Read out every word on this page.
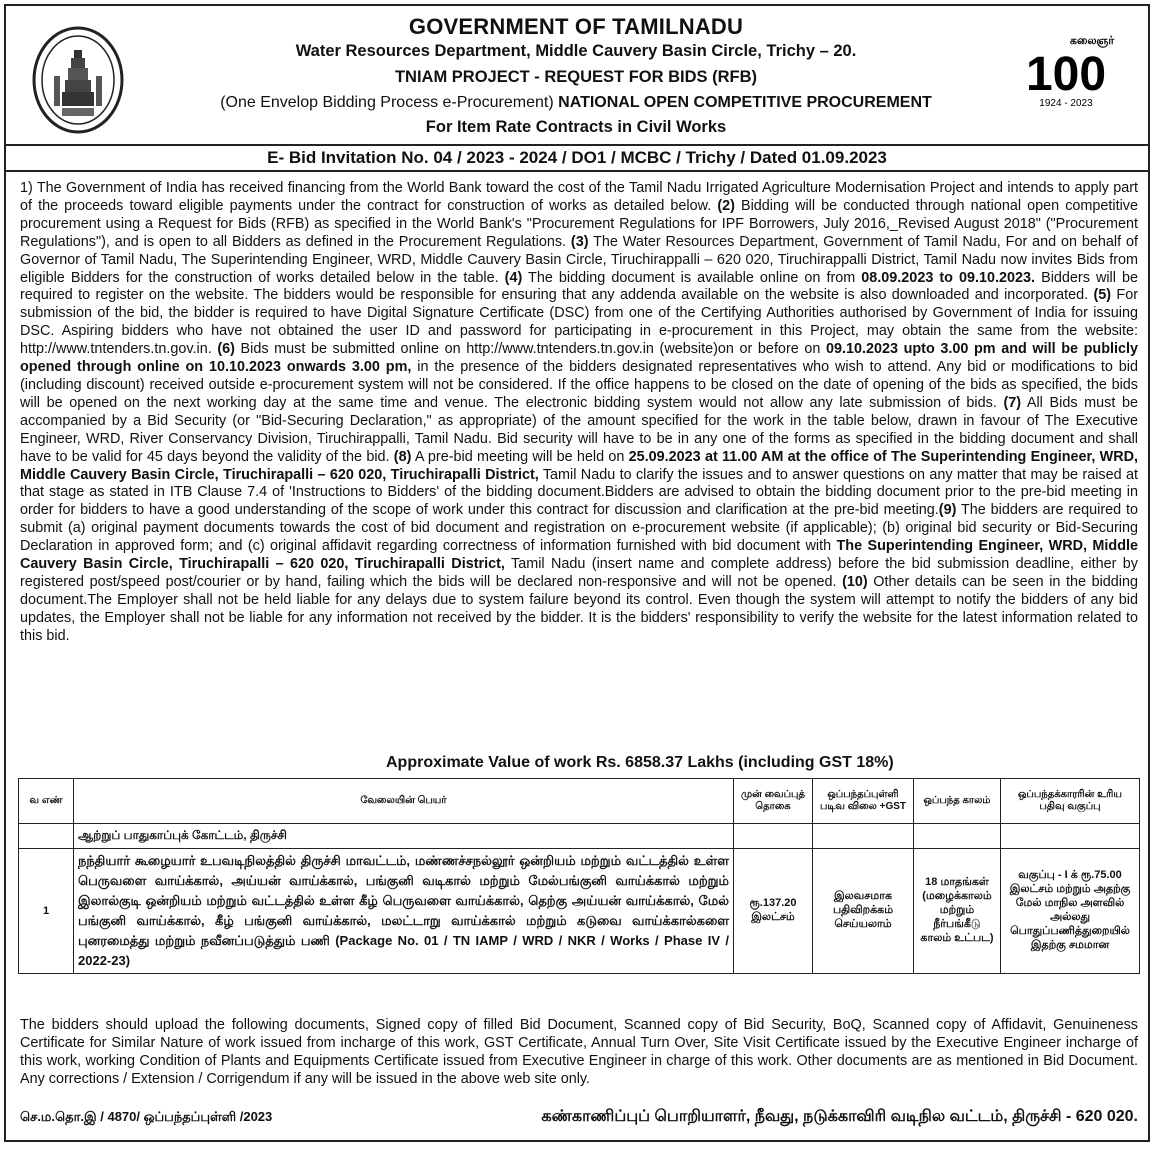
GOVERNMENT OF TAMILNADU
Water Resources Department, Middle Cauvery Basin Circle, Trichy – 20.
TNIAM PROJECT - REQUEST FOR BIDS (RFB)
(One Envelop Bidding Process e-Procurement) NATIONAL OPEN COMPETITIVE PROCUREMENT
For Item Rate Contracts in Civil Works
கலைஞர்
100
1924 - 2023
E- Bid Invitation No. 04 / 2023 - 2024 / DO1 / MCBC / Trichy / Dated 01.09.2023
1) The Government of India has received financing from the World Bank toward the cost of the Tamil Nadu Irrigated Agriculture Modernisation Project and intends to apply part of the proceeds toward eligible payments under the contract for construction of works as detailed below. (2) Bidding will be conducted through national open competitive procurement using a Request for Bids (RFB) as specified in the World Bank's "Procurement Regulations for IPF Borrowers, July 2016,_Revised August 2018" ("Procurement Regulations"), and is open to all Bidders as defined in the Procurement Regulations. (3) The Water Resources Department, Government of Tamil Nadu, For and on behalf of Governor of Tamil Nadu, The Superintending Engineer, WRD, Middle Cauvery Basin Circle, Tiruchirappalli – 620 020, Tiruchirappalli District, Tamil Nadu now invites Bids from eligible Bidders for the construction of works detailed below in the table. (4) The bidding document is available online on from 08.09.2023 to 09.10.2023. Bidders will be required to register on the website. The bidders would be responsible for ensuring that any addenda available on the website is also downloaded and incorporated. (5) For submission of the bid, the bidder is required to have Digital Signature Certificate (DSC) from one of the Certifying Authorities authorised by Government of India for issuing DSC. Aspiring bidders who have not obtained the user ID and password for participating in e-procurement in this Project, may obtain the same from the website: http://www.tntenders.tn.gov.in. (6) Bids must be submitted online on http://www.tntenders.tn.gov.in (website)on or before on 09.10.2023 upto 3.00 pm and will be publicly opened through online on 10.10.2023 onwards 3.00 pm, in the presence of the bidders designated representatives who wish to attend. Any bid or modifications to bid (including discount) received outside e-procurement system will not be considered. If the office happens to be closed on the date of opening of the bids as specified, the bids will be opened on the next working day at the same time and venue. The electronic bidding system would not allow any late submission of bids. (7) All Bids must be accompanied by a Bid Security (or "Bid-Securing Declaration," as appropriate) of the amount specified for the work in the table below, drawn in favour of The Executive Engineer, WRD, River Conservancy Division, Tiruchirappalli, Tamil Nadu. Bid security will have to be in any one of the forms as specified in the bidding document and shall have to be valid for 45 days beyond the validity of the bid. (8) A pre-bid meeting will be held on 25.09.2023 at 11.00 AM at the office of The Superintending Engineer, WRD, Middle Cauvery Basin Circle, Tiruchirapalli – 620 020, Tiruchirapalli District, Tamil Nadu to clarify the issues and to answer questions on any matter that may be raised at that stage as stated in ITB Clause 7.4 of 'Instructions to Bidders' of the bidding document.Bidders are advised to obtain the bidding document prior to the pre-bid meeting in order for bidders to have a good understanding of the scope of work under this contract for discussion and clarification at the pre-bid meeting.(9) The bidders are required to submit (a) original payment documents towards the cost of bid document and registration on e-procurement website (if applicable); (b) original bid security or Bid-Securing Declaration in approved form; and (c) original affidavit regarding correctness of information furnished with bid document with The Superintending Engineer, WRD, Middle Cauvery Basin Circle, Tiruchirapalli – 620 020, Tiruchirapalli District, Tamil Nadu (insert name and complete address) before the bid submission deadline, either by registered post/speed post/courier or by hand, failing which the bids will be declared non-responsive and will not be opened. (10) Other details can be seen in the bidding document.The Employer shall not be held liable for any delays due to system failure beyond its control. Even though the system will attempt to notify the bidders of any bid updates, the Employer shall not be liable for any information not received by the bidder. It is the bidders' responsibility to verify the website for the latest information related to this bid.
Approximate Value of work Rs. 6858.37 Lakhs (including GST 18%)
வ எண்	வேலையின் பெயர்	முன் வைப்புத் தொகை	ஒப்பந்தப்புள்ளி படிவ விலை +GST	ஒப்பந்த காலம்	ஒப்பந்தக்காரரின் உரிய பதிவு வகுப்பு
	ஆற்றுப் பாதுகாப்புக் கோட்டம், திருச்சி				
1	நந்தியார் கூழையார் உபவடிநிலத்தில் திருச்சி மாவட்டம், மண்ணச்சநல்லூர் ஒன்றியம் மற்றும் வட்டத்தில் உள்ள பெருவளை வாய்க்கால், அய்யன் வாய்க்கால், பங்குனி வடிகால் மற்றும் மேல்பங்குனி வாய்க்கால் மற்றும் இலால்குடி ஒன்றியம் மற்றும் வட்டத்தில் உள்ள கீழ் பெருவளை வாய்க்கால், தெற்கு அய்யன் வாய்க்கால், மேல் பங்குனி வாய்க்கால், கீழ் பங்குனி வாய்க்கால், மலட்டாறு வாய்க்கால் மற்றும் கடுவை வாய்க்கால்களை புனரமைத்து மற்றும் நவீனப்படுத்தும் பணி (Package No. 01 / TN IAMP / WRD / NKR / Works / Phase IV / 2022-23)	ரூ.137.20 இலட்சம்	இலவசமாக பதிவிறக்கம் செய்யலாம்	18 மாதங்கள் (மழைக்காலம் மற்றும் நீர்பங்கீடு காலம் உட்பட)	வகுப்பு - I க் ரூ.75.00 இலட்சம் மற்றும் அதற்கு மேல் மாநில அளவில் அல்லது பொதுப்பணித்துறையில் இதற்கு சமமான
The bidders should upload the following documents, Signed copy of filled Bid Document, Scanned copy of Bid Security, BoQ, Scanned copy of Affidavit, Genuineness Certificate for Similar Nature of work issued from incharge of this work, GST Certificate, Annual Turn Over, Site Visit Certificate issued by the Executive Engineer incharge of this work, working Condition of Plants and Equipments Certificate issued from Executive Engineer in charge of this work. Other documents are as mentioned in Bid Document. Any corrections / Extension / Corrigendum if any will be issued in the above web site only.
செ.ம.தொ.இ / 4870/ ஒப்பந்தப்புள்ளி /2023	கண்காணிப்புப் பொறியாளர், நீவது, நடுக்காவிரி வடிநில வட்டம், திருச்சி - 620 020.
